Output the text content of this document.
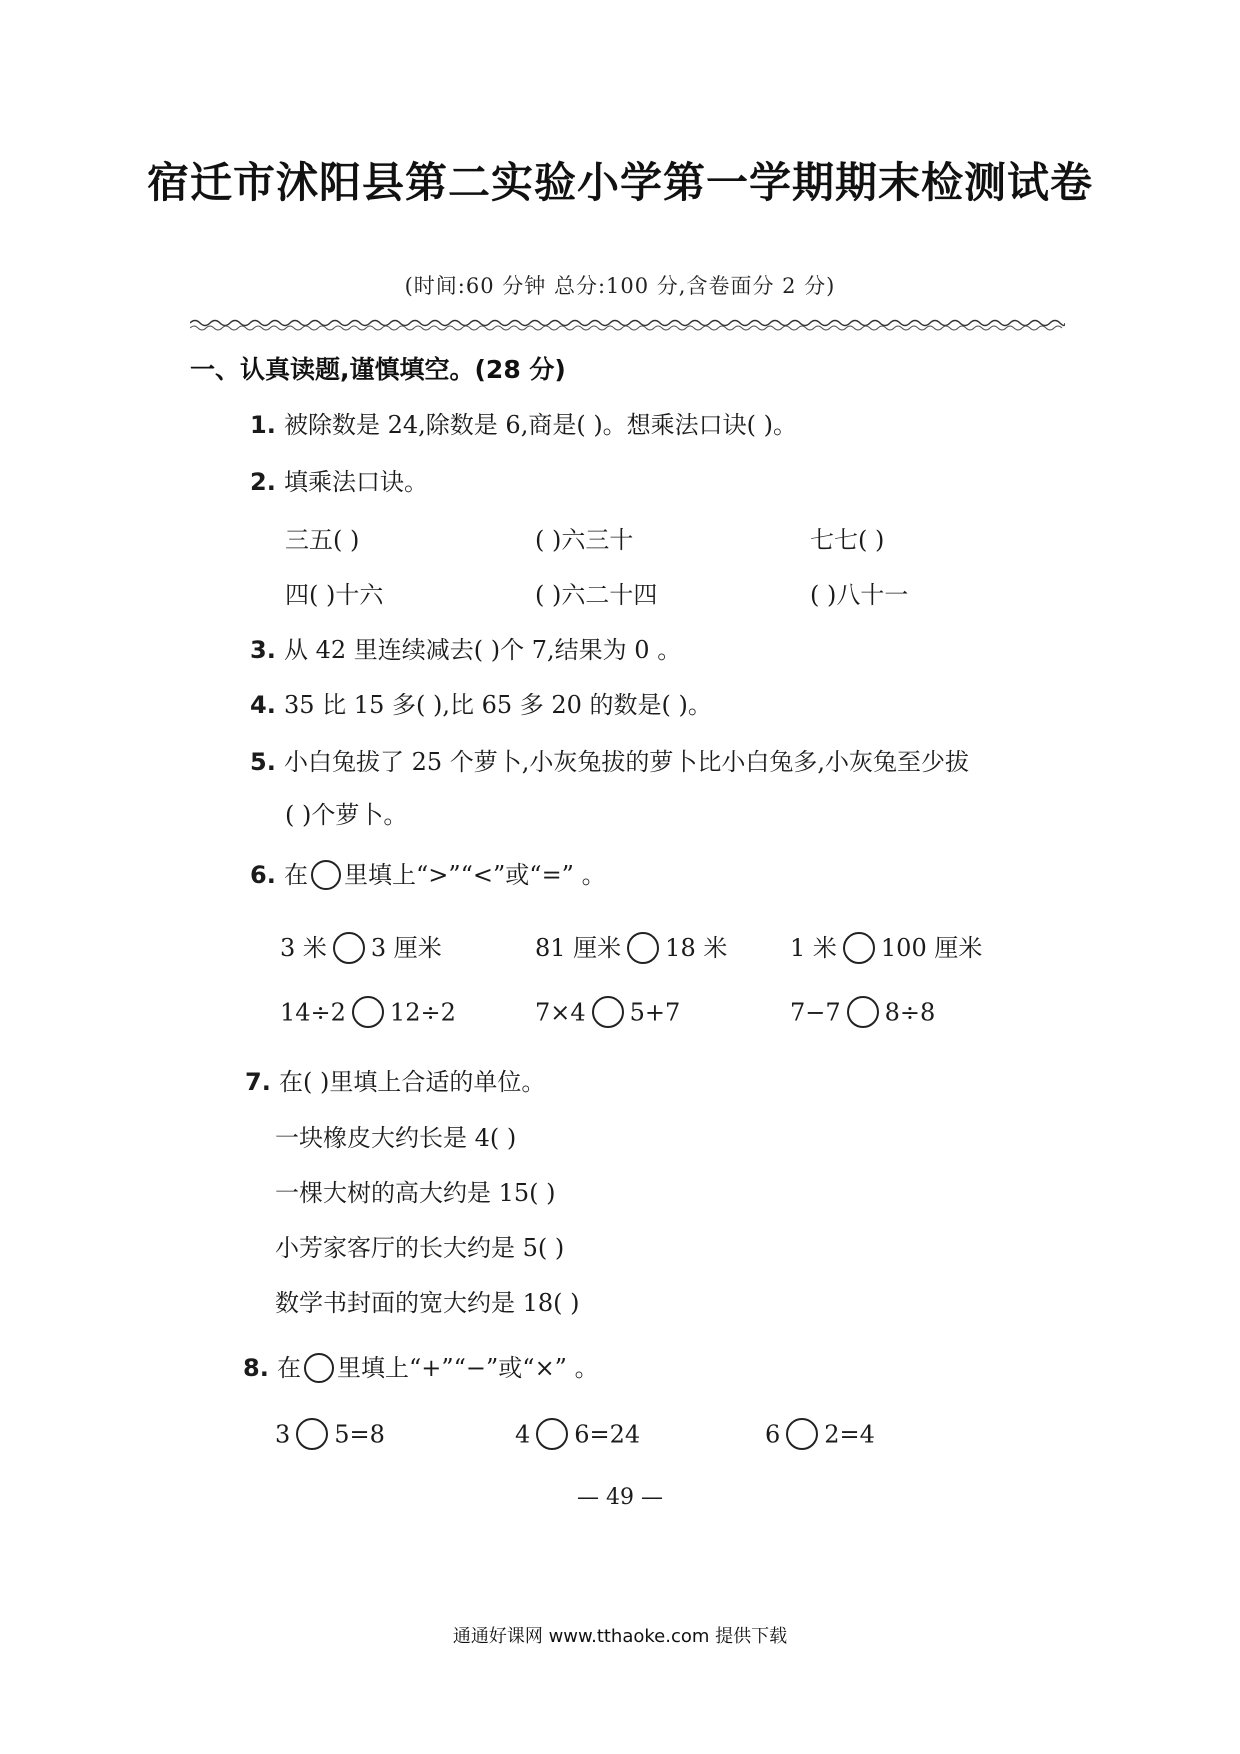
宿迁市沭阳县第二实验小学第一学期期末检测试卷
(时间:60 分钟 总分:100 分,含卷面分 2 分)
一、认真读题,谨慎填空。(28 分)
1. 被除数是 24,除数是 6,商是( )。想乘法口诀( )。
2. 填乘法口诀。
三五( )	( )六三十	七七( )
四( )十六	( )六二十四	( )八十一
3. 从 42 里连续减去( )个 7,结果为 0 。
4. 35 比 15 多( ),比 65 多 20 的数是( )。
5. 小白兔拔了 25 个萝卜,小灰兔拔的萝卜比小白兔多,小灰兔至少拔
( )个萝卜。
6. 在 里填上“>”“<”或“=” 。
3 米 3 厘米	81 厘米 18 米	1 米 100 厘米
14÷2 12÷2	7×4 5+7	7−7 8÷8
7. 在( )里填上合适的单位。
一块橡皮大约长是 4( )
一棵大树的高大约是 15( )
小芳家客厅的长大约是 5( )
数学书封面的宽大约是 18( )
8. 在 里填上“+”“−”或“×” 。
3 5=8	4 6=24	6 2=4
— 49 —
通通好课网 www.tthaoke.com 提供下载
